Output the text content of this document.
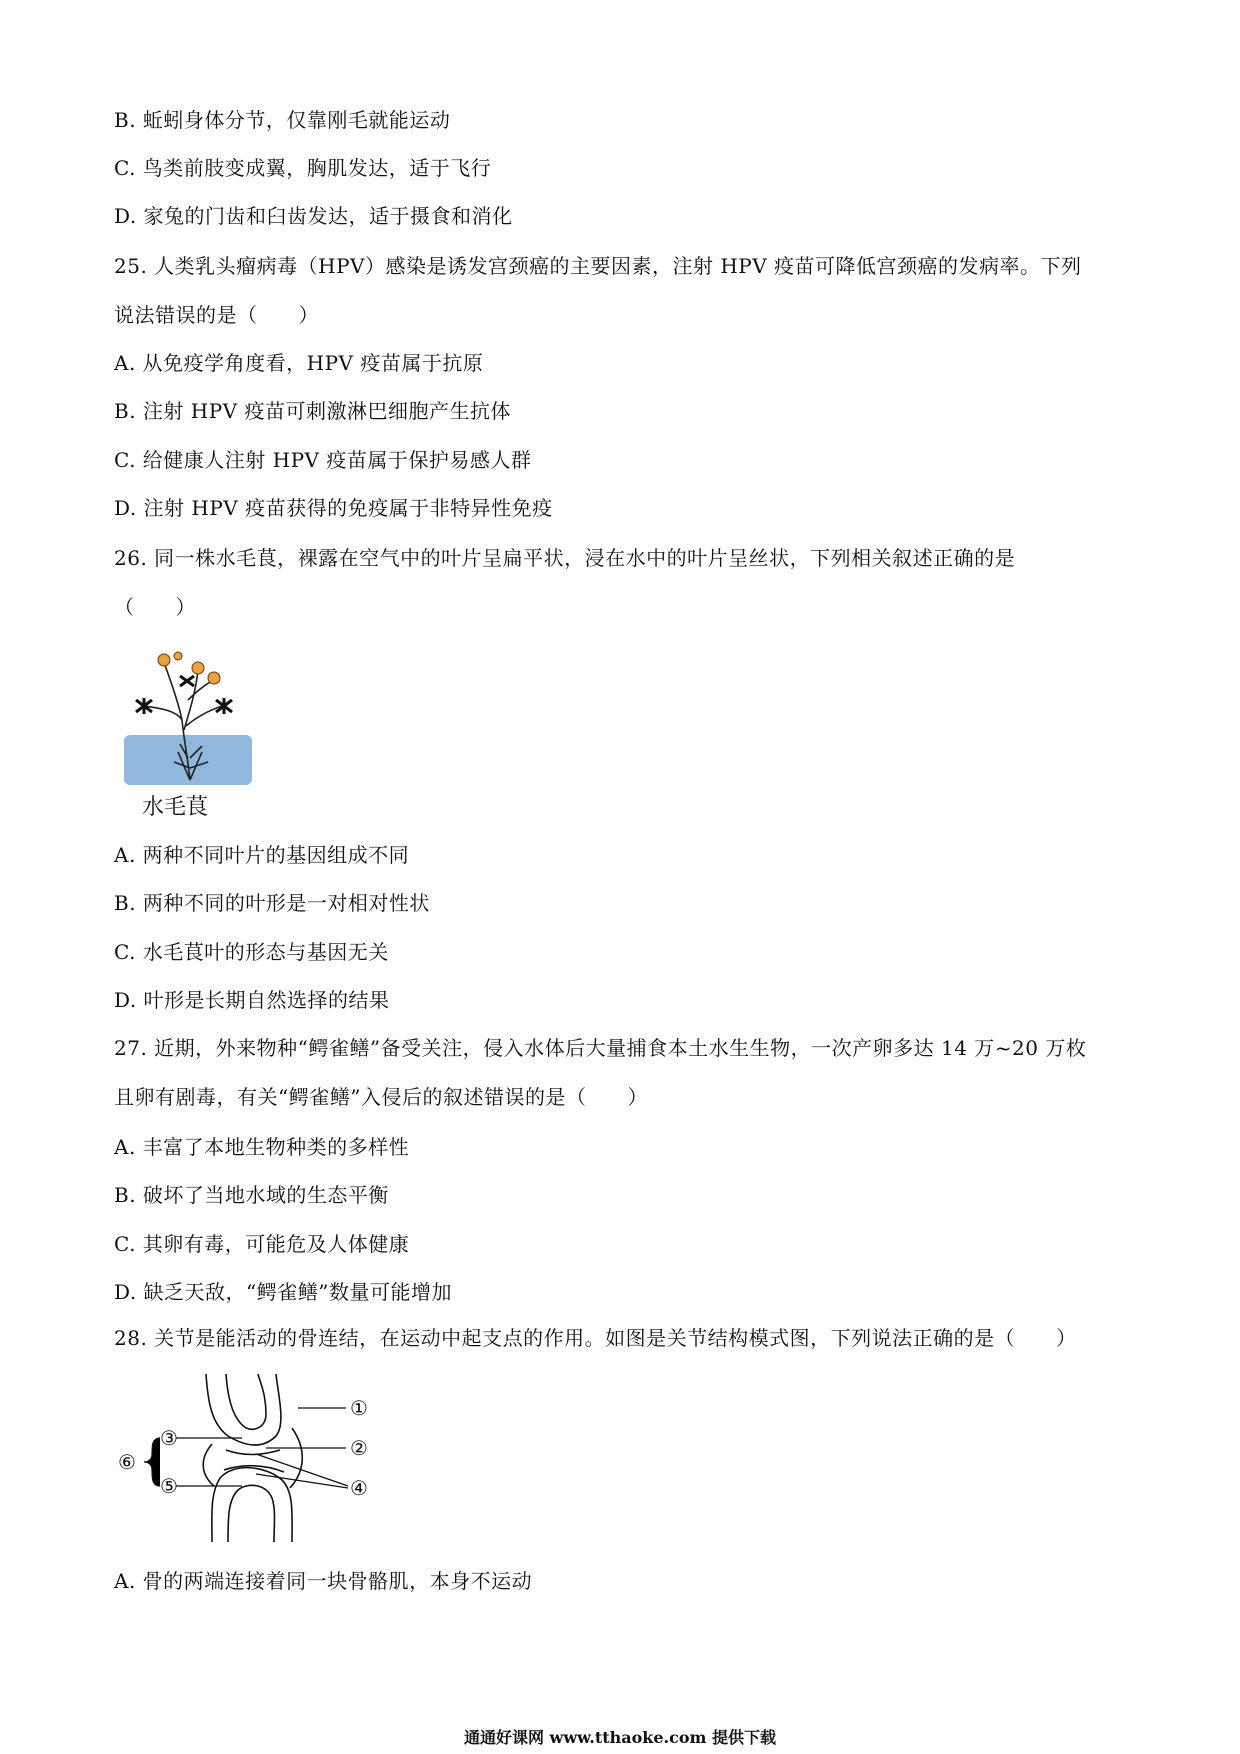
B. 蚯蚓身体分节，仅靠刚毛就能运动
C. 鸟类前肢变成翼，胸肌发达，适于飞行
D. 家兔的门齿和臼齿发达，适于摄食和消化
25. 人类乳头瘤病毒（HPV）感染是诱发宫颈癌的主要因素，注射 HPV 疫苗可降低宫颈癌的发病率。下列
说法错误的是（　　）
A. 从免疫学角度看，HPV 疫苗属于抗原
B. 注射 HPV 疫苗可刺激淋巴细胞产生抗体
C. 给健康人注射 HPV 疫苗属于保护易感人群
D. 注射 HPV 疫苗获得的免疫属于非特异性免疫
26. 同一株水毛茛，裸露在空气中的叶片呈扁平状，浸在水中的叶片呈丝状，下列相关叙述正确的是
（　　）
水毛茛
A. 两种不同叶片的基因组成不同
B. 两种不同的叶形是一对相对性状
C. 水毛茛叶的形态与基因无关
D. 叶形是长期自然选择的结果
27. 近期，外来物种“鳄雀鳝”备受关注，侵入水体后大量捕食本土水生生物，一次产卵多达 14 万~20 万枚
且卵有剧毒，有关“鳄雀鳝”入侵后的叙述错误的是（　　）
A. 丰富了本地生物种类的多样性
B. 破坏了当地水域的生态平衡
C. 其卵有毒，可能危及人体健康
D. 缺乏天敌，“鳄雀鳝”数量可能增加
28. 关节是能活动的骨连结，在运动中起支点的作用。如图是关节结构模式图，下列说法正确的是（　　）
①
②
④
③
⑤
⑥
A. 骨的两端连接着同一块骨骼肌，本身不运动
通通好课网 www.tthaoke.com 提供下载
